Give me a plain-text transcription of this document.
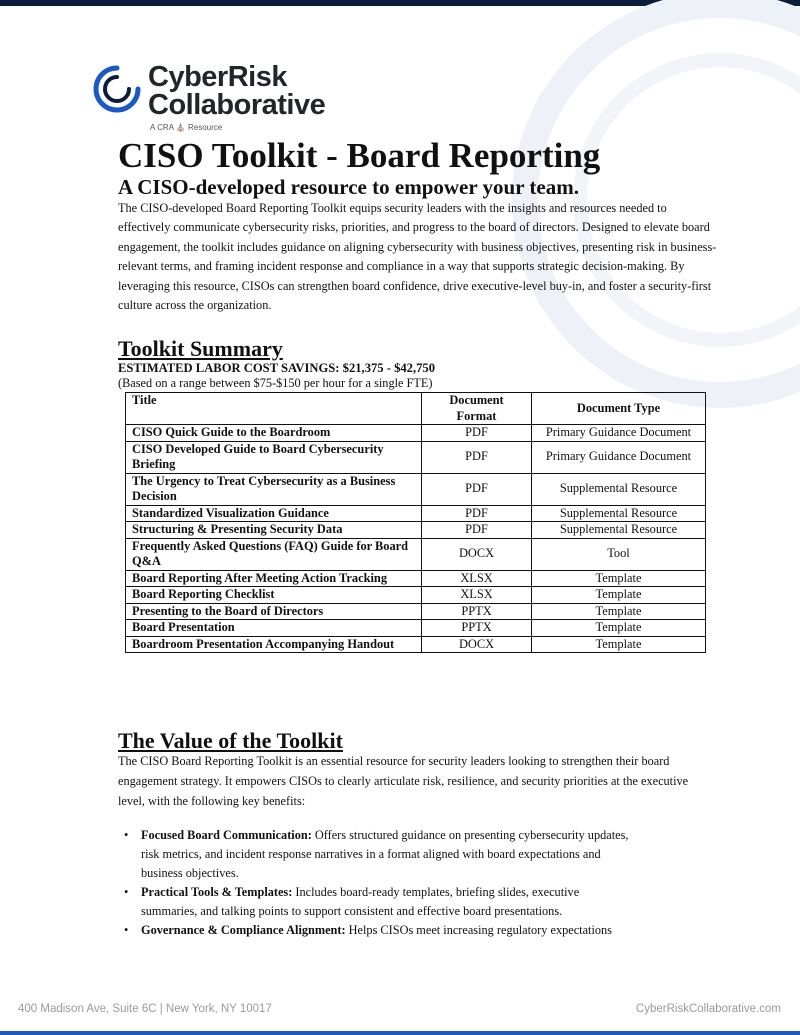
CyberRisk
Collaborative
A CRA ⛪ Resource
CISO Toolkit - Board Reporting
A CISO-developed resource to empower your team.

The CISO-developed Board Reporting Toolkit equips security leaders with the insights and resources needed to effectively communicate cybersecurity risks, priorities, and progress to the board of directors. Designed to elevate board engagement, the toolkit includes guidance on aligning cybersecurity with business objectives, presenting risk in business-relevant terms, and framing incident response and compliance in a way that supports strategic decision-making. By leveraging this resource, CISOs can strengthen board confidence, drive executive-level buy-in, and foster a security-first culture across the organization.

Toolkit Summary

ESTIMATED LABOR COST SAVINGS: $21,375 - $42,750

(Based on a range between $75-$150 per hour for a single FTE)

Title	Document Format	Document Type
CISO Quick Guide to the Boardroom	PDF	Primary Guidance Document
CISO Developed Guide to Board Cybersecurity Briefing	PDF	Primary Guidance Document
The Urgency to Treat Cybersecurity as a Business Decision	PDF	Supplemental Resource
Standardized Visualization Guidance	PDF	Supplemental Resource
Structuring & Presenting Security Data	PDF	Supplemental Resource
Frequently Asked Questions (FAQ) Guide for Board Q&A	DOCX	Tool
Board Reporting After Meeting Action Tracking	XLSX	Template
Board Reporting Checklist	XLSX	Template
Presenting to the Board of Directors	PPTX	Template
Board Presentation	PPTX	Template
Boardroom Presentation Accompanying Handout	DOCX	Template
The Value of the Toolkit

The CISO Board Reporting Toolkit is an essential resource for security leaders looking to strengthen their board engagement strategy. It empowers CISOs to clearly articulate risk, resilience, and security priorities at the executive level, with the following key benefits:

• Focused Board Communication: Offers structured guidance on presenting cybersecurity updates, risk metrics, and incident response narratives in a format aligned with board expectations and business objectives.
• Practical Tools & Templates: Includes board-ready templates, briefing slides, executive summaries, and talking points to support consistent and effective board presentations.
• Governance & Compliance Alignment: Helps CISOs meet increasing regulatory expectations
400 Madison Ave, Suite 6C | New York, NY 10017	CyberRiskCollaborative.com
